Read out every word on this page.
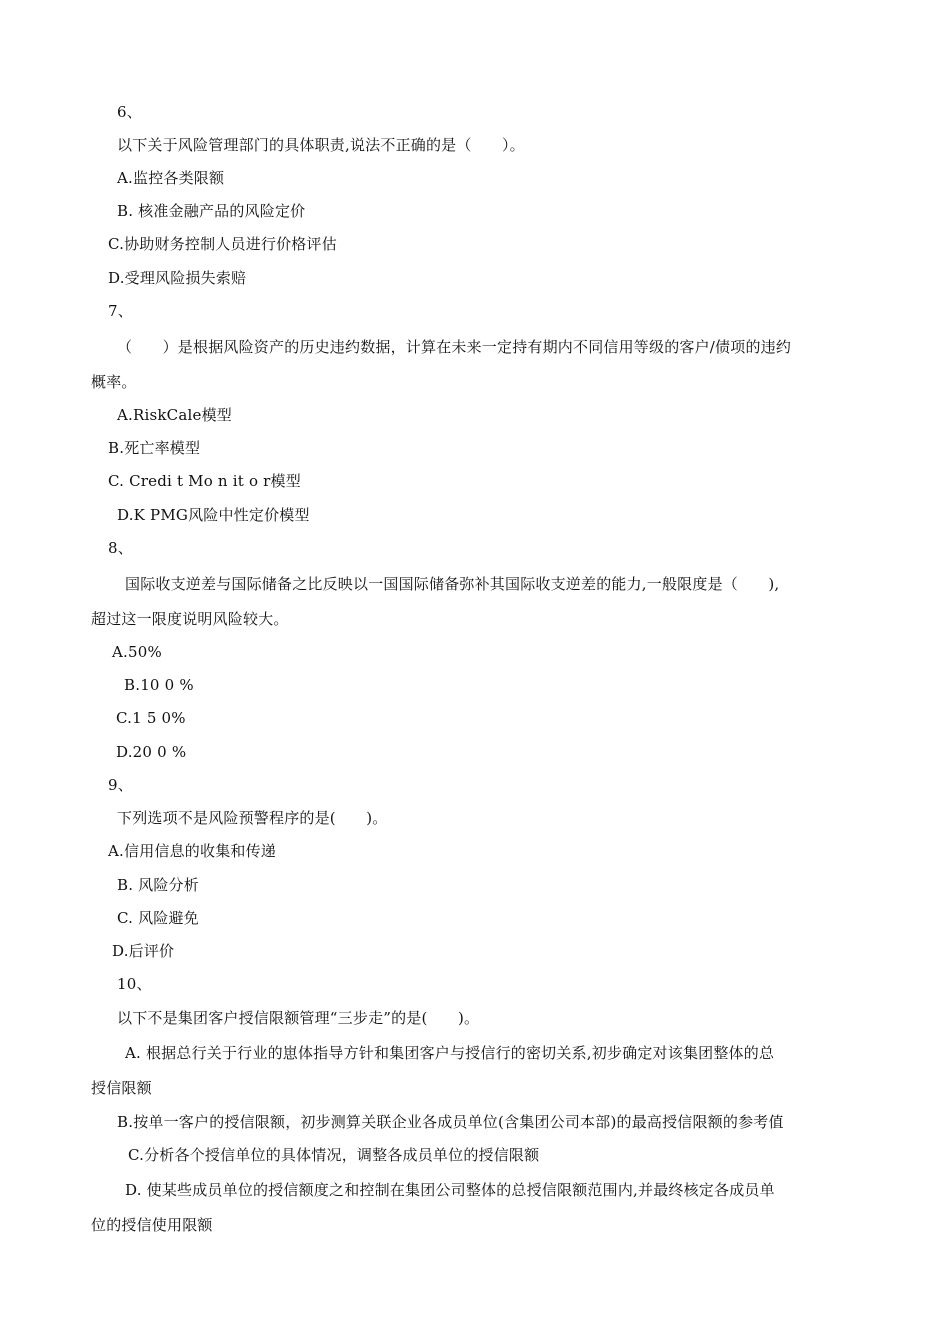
6、
以下关于风险管理部门的具体职责,说法不正确的是（　　）。
A.监控各类限额
B. 核准金融产品的风险定价
C.协助财务控制人员进行价格评估
D.受理风险损失索赔
7、
（　　）是根据风险资产的历史违约数据，计算在未来一定持有期内不同信用等级的客户/债项的违约
概率。
A.RiskCale模型
B.死亡率模型
C. Credi t Mo n it o r模型
D.K PMG风险中性定价模型
8、
国际收支逆差与国际储备之比反映以一国国际储备弥补其国际收支逆差的能力,一般限度是（　　),
超过这一限度说明风险较大。
A.50%
B.10 0 %
C.1 5 0%
D.20 0 %
9、
下列选项不是风险预警程序的是(　　)。
A.信用信息的收集和传递
B. 风险分析
C. 风险避免
D.后评价
10、
以下不是集团客户授信限额管理“三步走”的是(　　)。
A. 根据总行关于行业的崽体指导方针和集团客户与授信行的密切关系,初步确定对该集团整体的总
授信限额
B.按单一客户的授信限额，初步测算关联企业各成员单位(含集团公司本部)的最高授信限额的参考值
C.分析各个授信单位的具体情况，调整各成员单位的授信限额
D. 使某些成员单位的授信额度之和控制在集团公司整体的总授信限额范围内,并最终核定各成员单
位的授信使用限额
